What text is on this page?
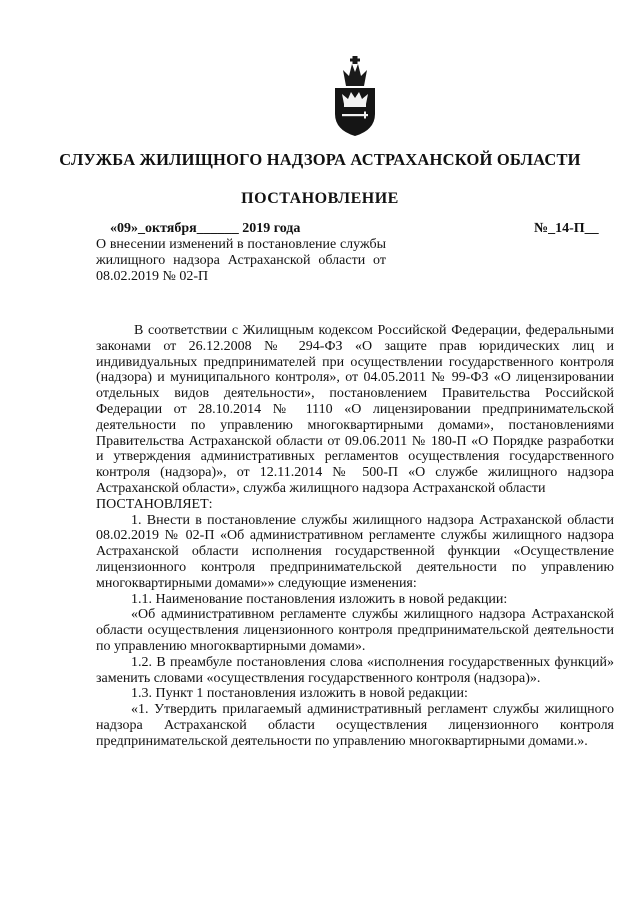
СЛУЖБА ЖИЛИЩНОГО НАДЗОРА АСТРАХАНСКОЙ ОБЛАСТИ
ПОСТАНОВЛЕНИЕ
«09»_октября______ 2019 года	№_14-П__
О внесении изменений в постановление службы жилищного надзора Астраханской области от 08.02.2019 № 02-П

В соответствии с Жилищным кодексом Российской Федерации, федеральными законами от 26.12.2008 № 294-ФЗ «О защите прав юридических лиц и индивидуальных предпринимателей при осуществлении государственного контроля (надзора) и муниципального контроля», от 04.05.2011 № 99-ФЗ «О лицензировании отдельных видов деятельности», постановлением Правительства Российской Федерации от 28.10.2014 № 1110 «О лицензировании предпринимательской деятельности по управлению многоквартирными домами», постановлениями Правительства Астраханской области от 09.06.2011 № 180-П «О Порядке разработки и утверждения административных регламентов осуществления государственного контроля (надзора)», от 12.11.2014 № 500-П «О службе жилищного надзора Астраханской области», служба жилищного надзора Астраханской области

ПОСТАНОВЛЯЕТ:

1. Внести в постановление службы жилищного надзора Астраханской области 08.02.2019 № 02-П «Об административном регламенте службы жилищного надзора Астраханской области исполнения государственной функции «Осуществление лицензионного контроля предпринимательской деятельности по управлению многоквартирными домами»» следующие изменения:

1.1. Наименование постановления изложить в новой редакции:

«Об административном регламенте службы жилищного надзора Астраханской области осуществления лицензионного контроля предпринимательской деятельности по управлению многоквартирными домами».

1.2. В преамбуле постановления слова «исполнения государственных функций» заменить словами «осуществления государственного контроля (надзора)».

1.3. Пункт 1 постановления изложить в новой редакции:

«1. Утвердить прилагаемый административный регламент службы жилищного надзора Астраханской области осуществления лицензионного контроля предпринимательской деятельности по управлению многоквартирными домами.».
